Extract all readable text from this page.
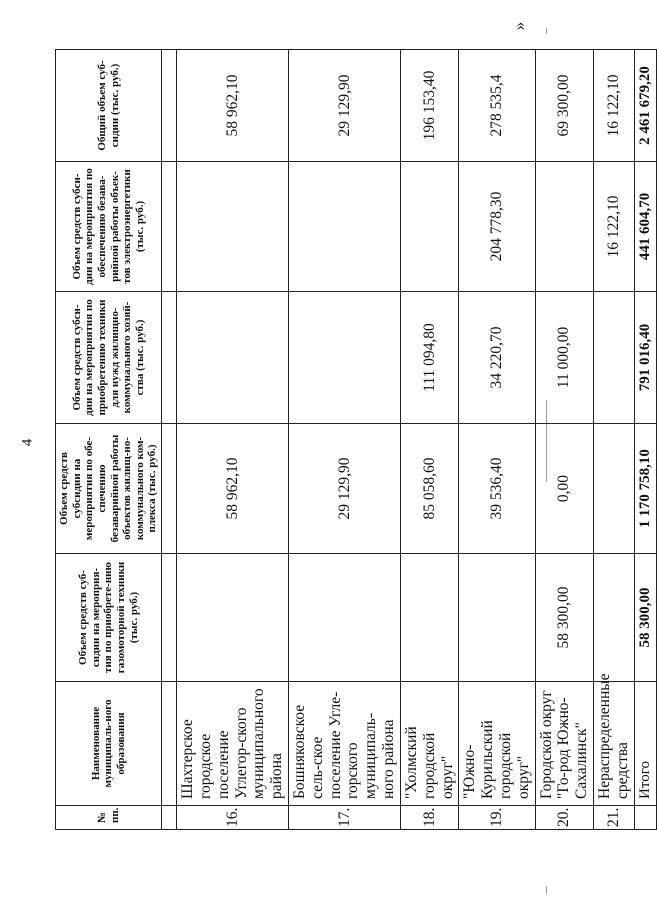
4
»
№ пп.	Наименование муниципаль-ного образования	Объем средств суб-сидии на мероприя-тия по приобрете-нию газомоторной техники (тыс. руб.)	Объем средств субсидии на мероприятия по обе-спечению безаварийной работы объектов жилищ-но-коммунального ком-плекса (тыс. руб.)	Объем средств субси-дии на мероприятия по приобретению техники для нужд жилищно-коммунального хозяй-ства (тыс. руб.)	Объем средств субси-дии на мероприятия по обеспечению безава-рийной работы объек-тов электроэнергетики (тыс. руб.)	Общий объем суб-сидии (тыс. руб.)

16.	Шахтерское городское поселение Углегор-ского муниципального района		58 962,10			58 962,10
17.	Бошняковское сель-ское поселение Угле-горского муниципаль-ного района		29 129,90			29 129,90
18.	"Холмский городской округ"		85 058,60	111 094,80		196 153,40
19.	"Южно-Курильский городской округ"		39 536,40	34 220,70	204 778,30	278 535,4
20.	Городской округ "Го-род Южно-Сахалинск"	58 300,00	0,00	11 000,00		69 300,00
21.	Нераспределенные средства				16 122,10	16 122,10
	Итого	58 300,00	1 170 758,10	791 016,40	441 604,70	2 461 679,20
